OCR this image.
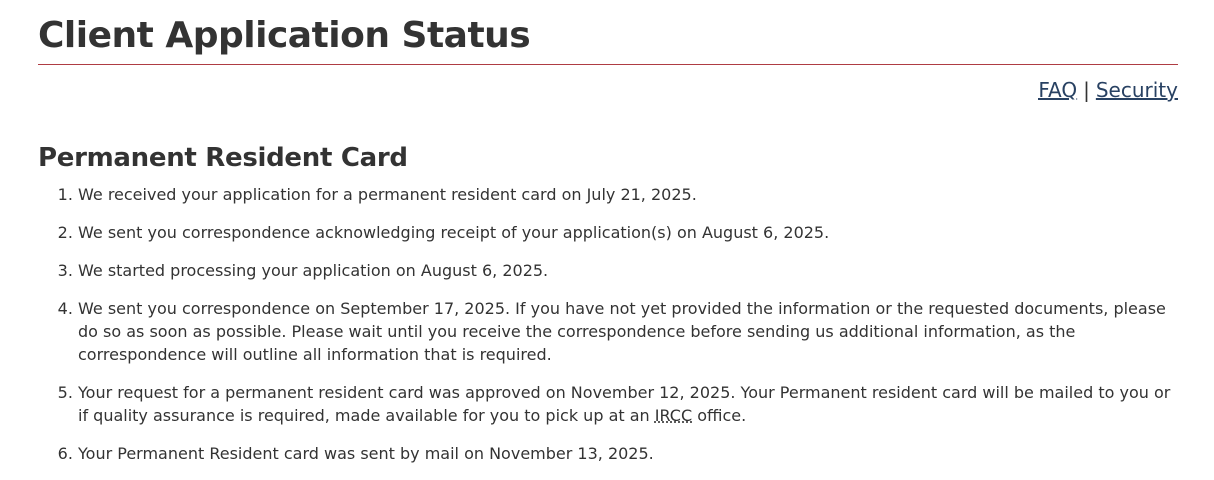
Client Application Status
FAQ | Security
Permanent Resident Card
1. We received your application for a permanent resident card on July 21, 2025.
2. We sent you correspondence acknowledging receipt of your application(s) on August 6, 2025.
3. We started processing your application on August 6, 2025.
4. We sent you correspondence on September 17, 2025. If you have not yet provided the information or the requested documents, please do so as soon as possible. Please wait until you receive the correspondence before sending us additional information, as the correspondence will outline all information that is required.
5. Your request for a permanent resident card was approved on November 12, 2025. Your Permanent resident card will be mailed to you or if quality assurance is required, made available for you to pick up at an IRCC office.
6. Your Permanent Resident card was sent by mail on November 13, 2025.
